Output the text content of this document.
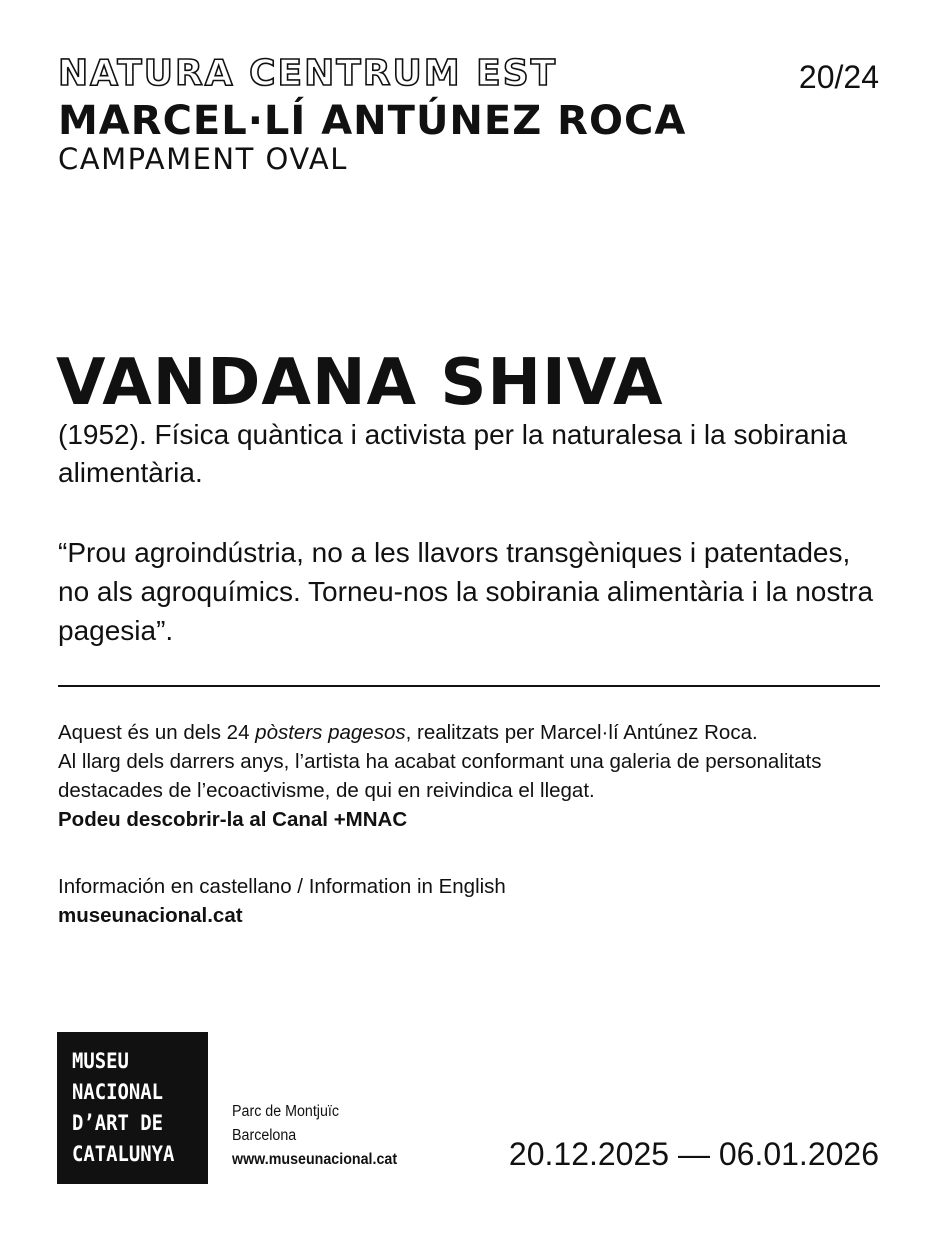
NATURA CENTRUM EST	20/24
MARCEL·LÍ ANTÚNEZ ROCA
CAMPAMENT OVAL
VANDANA SHIVA
(1952). Física quàntica i activista per la naturalesa i la sobirania alimentària.
“Prou agroindústria, no a les llavors transgèniques i patentades, no als agroquímics. Torneu-nos la sobirania alimentària i la nostra pagesia”.

Aquest és un dels 24 pòsters pagesos, realitzats per Marcel·lí Antúnez Roca.

Al llarg dels darrers anys, l’artista ha acabat conformant una galeria de personalitats destacades de l’ecoactivisme, de qui en reivindica el llegat.

Podeu descobrir-la al Canal +MNAC

Información en castellano / Information in English
museunacional.cat
MUSEU
NACIONAL
D’ART DE
CATALUNYA
Parc de Montjuïc
Barcelona
www.museunacional.cat	20.12.2025 — 06.01.2026
